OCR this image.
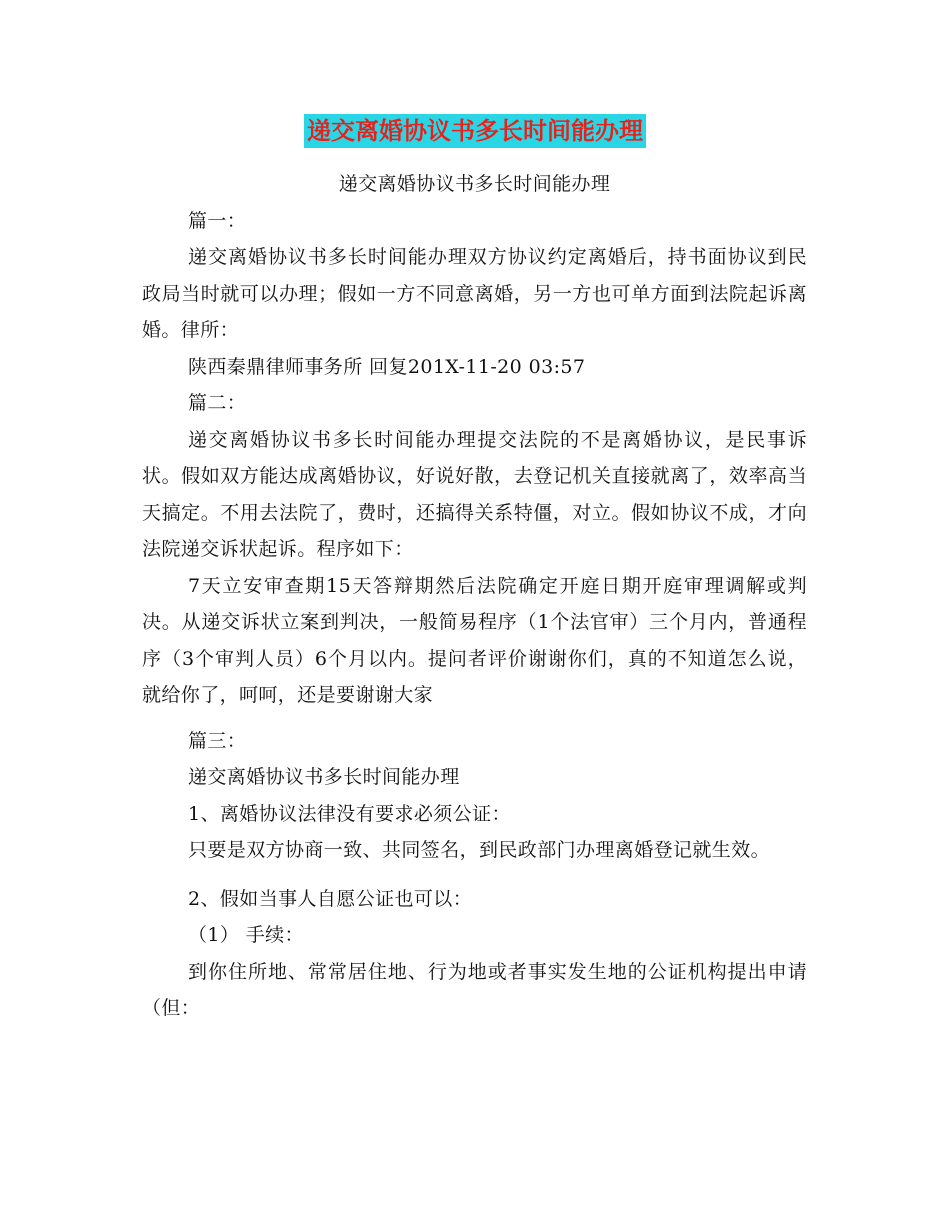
递交离婚协议书多长时间能办理

递交离婚协议书多长时间能办理

篇一：

递交离婚协议书多长时间能办理双方协议约定离婚后，持书面协议到民政局当时就可以办理；假如一方不同意离婚，另一方也可单方面到法院起诉离婚。律所：

陕西秦鼎律师事务所 回复201X-11-20 03:57

篇二：

递交离婚协议书多长时间能办理提交法院的不是离婚协议，是民事诉状。假如双方能达成离婚协议，好说好散，去登记机关直接就离了，效率高当天搞定。不用去法院了，费时，还搞得关系特僵，对立。假如协议不成，才向法院递交诉状起诉。程序如下：

7天立安审查期15天答辩期然后法院确定开庭日期开庭审理调解或判决。从递交诉状立案到判决，一般简易程序（1个法官审）三个月内，普通程序（3个审判人员）6个月以内。提问者评价谢谢你们，真的不知道怎么说，就给你了，呵呵，还是要谢谢大家

篇三：

递交离婚协议书多长时间能办理

1、离婚协议法律没有要求必须公证：

只要是双方协商一致、共同签名，到民政部门办理离婚登记就生效。

2、假如当事人自愿公证也可以：

（1） 手续：

到你住所地、常常居住地、行为地或者事实发生地的公证机构提出申请（但：
